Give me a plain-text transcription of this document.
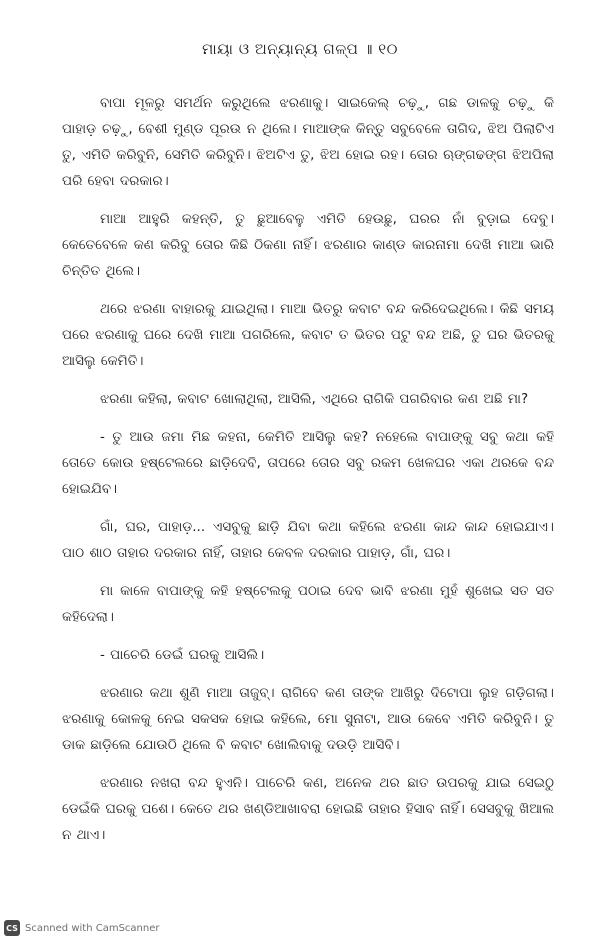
ମାୟା ଓ ଅନ୍ୟାନ୍ୟ ଗଳ୍ପ ॥ ୧୦

ବାପା ମୂଳରୁ ସମର୍ଥନ କରୁଥିଲେ ଝରଣାକୁ। ସାଇକେଲ୍ ଚଢ଼ୁ, ଗଛ ଡାଳକୁ ଚଢ଼ୁ କି ପାହାଡ଼ ଚଢ଼ୁ, ବେଶୀ ମୁଣ୍ଡ ପୂରଉ ନ ଥିଲେ। ମାଆଙ୍କ କିନ୍ତୁ ସବୁବେଳେ ତାଗିଦ, ଝିଅ ପିଲାଟିଏ ତୁ, ଏମିତି କରିବୁନି, ସେମିତି କରିବୁନି। ଝିଅଟିଏ ତୁ, ଝିଅ ହୋଇ ରହ। ତୋର ଋଙ୍ଗଢଙ୍ଗ ଝିଅପିଲା ପରି ହେବା ଦରକାର।

ମାଆ ଆହୁରି କହନ୍ତି, ତୁ ଛୁଆବେଳୁ ଏମିତି ହେଉଛୁ, ଘରର ନାଁ ବୁଡ଼ାଇ ଦେବୁ। କେତେବେଳେ କଣ କରିବୁ ତୋର କିଛି ଠିକଣା ନାହିଁ। ଝରଣାର କାଣ୍ଡ କାରନାମା ଦେଖି ମାଆ ଭାରି ଚିନ୍ତିତ ଥିଲେ।

ଥରେ ଝରଣା ବାହାରକୁ ଯାଇଥିଲା। ମାଆ ଭିତରୁ କବାଟ ବନ୍ଦ କରିଦେଇଥିଲେ। କିଛି ସମୟ ପରେ ଝରଣାକୁ ଘରେ ଦେଖି ମାଆ ପଗରିଲେ, କବାଟ ତ ଭିତର ପଟୁ ବନ୍ଦ ଅଛି, ତୁ ଘର ଭିତରକୁ ଆସିଲୁ କେମିତି।

ଝରଣା କହିଲା, କବାଟ ଖୋଲାଥିଲା, ଆସିଲି, ଏଥିରେ ରାଗିକି ପଗରିବାର କଣ ଅଛି ମା?

- ତୁ ଆଉ ଜମା ମିଛ କହନା, କେମିତି ଆସିଲୁ କହ? ନହେଲେ ବାପାଙ୍କୁ ସବୁ କଥା କହି ତୋତେ କୋଉ ହଷ୍ଟେଲରେ ଛାଡ଼ିଦେବି, ତାପରେ ତୋର ସବୁ ରକମ ଖେଳଘର ଏକା ଥରକେ ବନ୍ଦ ହୋଇଯିବ।

ଗାଁ, ଘର, ପାହାଡ଼... ଏସବୁକୁ ଛାଡ଼ି ଯିବା କଥା କହିଲେ ଝରଣା କାନ୍ଦ କାନ୍ଦ ହୋଇଯାଏ। ପାଠ ଶାଠ ତାହାର ଦରକାର ନାହିଁ, ତାହାର କେବଳ ଦରକାର ପାହାଡ଼, ଗାଁ, ଘର।

ମା କାଳେ ବାପାଙ୍କୁ କହି ହଷ୍ଟେଲକୁ ପଠାଇ ଦେବ ଭାବି ଝରଣା ମୁହଁ ଶୁଖେଇ ସତ ସତ କହିଦେଲା।

- ପାଚେରି ଡେଇଁ ଘରକୁ ଆସିଲି।

ଝରଣାର କଥା ଶୁଣି ମାଆ ତାଜୁବ୍। ରାଗିବେ କଣ ତାଙ୍କ ଆଖିରୁ ଦିଟୋପା ଲୁହ ଗଡ଼ିଗଲା। ଝରଣାକୁ କୋଳକୁ ନେଇ ସକସକ ହୋଇ କହିଲେ, ମୋ ସୁନାଟା, ଆଉ କେବେ ଏମିତି କରିବୁନି। ତୁ ଡାକ ଛାଡ଼ିଲେ ଯୋଉଠି ଥିଲେ ବି କବାଟ ଖୋଲିବାକୁ ଦଉଡ଼ି ଆସିବି।

ଝରଣାର ନଖରା ବନ୍ଦ ହୁଏନି। ପାଚେରି କଣ, ଅନେକ ଥର ଛାତ ଉପରକୁ ଯାଇ ସେଇଠୁ ଡେଇଁକି ଘରକୁ ପଶେ। କେତେ ଥର ଖଣ୍ଡିଆଖାବରା ହୋଇଛି ତାହାର ହିସାବ ନାହିଁ। ସେସବୁକୁ ଖିଆଲ ନ ଥାଏ।

CS Scanned with CamScanner
